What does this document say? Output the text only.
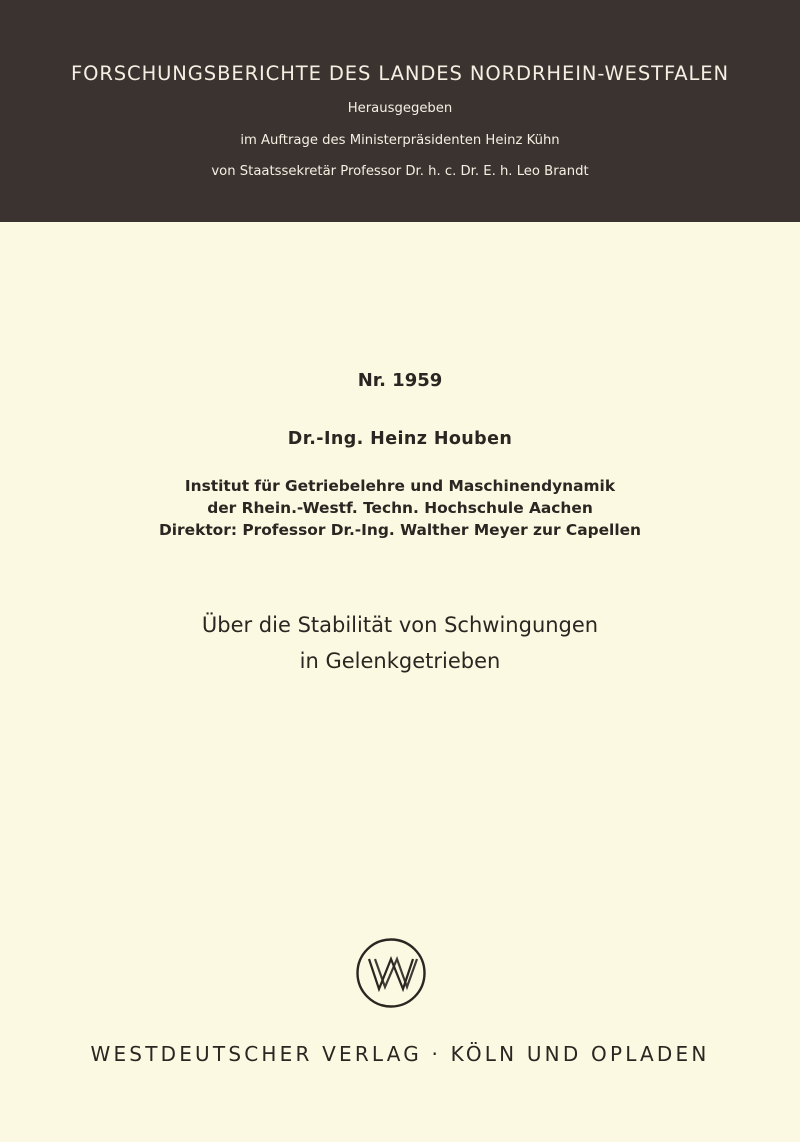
FORSCHUNGSBERICHTE DES LANDES NORDRHEIN-WESTFALEN
Herausgegeben
im Auftrage des Ministerpräsidenten Heinz Kühn
von Staatssekretär Professor Dr. h. c. Dr. E. h. Leo Brandt
Nr. 1959
Dr.-Ing. Heinz Houben
Institut für Getriebelehre und Maschinendynamik
der Rhein.-Westf. Techn. Hochschule Aachen
Direktor: Professor Dr.-Ing. Walther Meyer zur Capellen
Über die Stabilität von Schwingungen
in Gelenkgetrieben
WESTDEUTSCHER VERLAG · KÖLN UND OPLADEN
